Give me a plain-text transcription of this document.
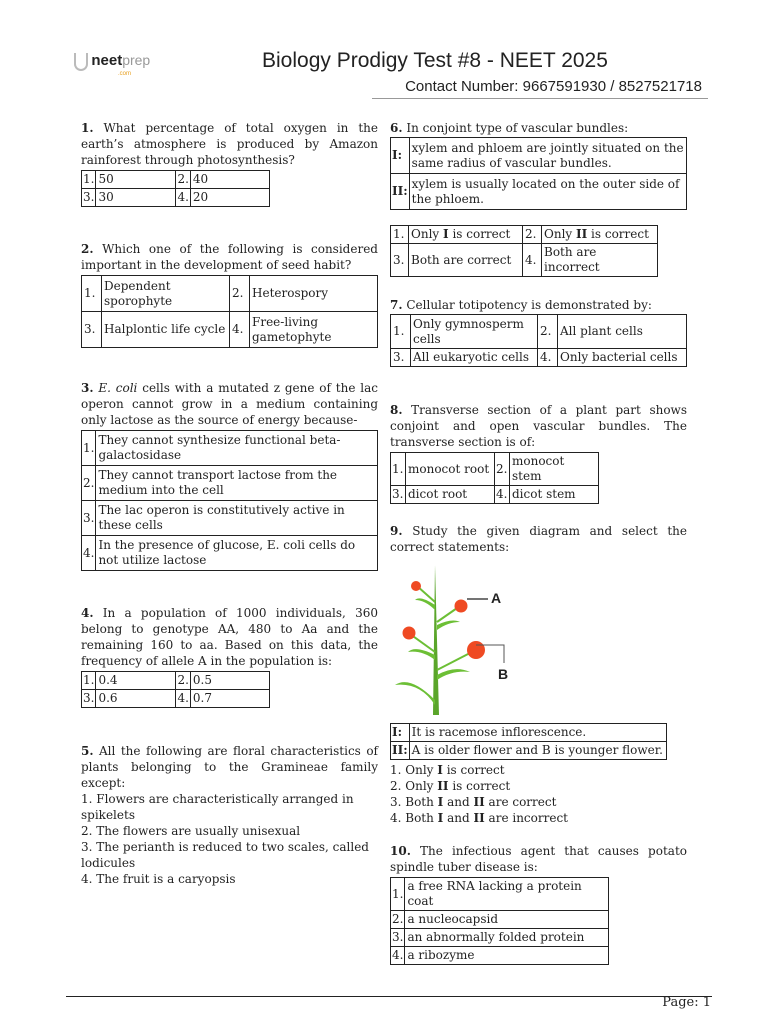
neetprep
.com
Biology Prodigy Test #8 - NEET 2025
Contact Number: 9667591930 / 8527521718
1. What percentage of total oxygen in the earth’s atmosphere is produced by Amazon rainforest through photosynthesis?
1.	50	2.	40
3.	30	4.	20
2. Which one of the following is considered important in the development of seed habit?
1.	Dependent sporophyte	2.	Heterospory
3.	Halplontic life cycle	4.	Free-living gametophyte
3. E. coli cells with a mutated z gene of the lac operon cannot grow in a medium containing only lactose as the source of energy because-
1.	They cannot synthesize functional beta-galactosidase
2.	They cannot transport lactose from the medium into the cell
3.	The lac operon is constitutively active in these cells
4.	In the presence of glucose, E. coli cells do not utilize lactose
4. In a population of 1000 individuals, 360 belong to genotype AA, 480 to Aa and the remaining 160 to aa. Based on this data, the frequency of allele A in the population is:
1.	0.4	2.	0.5
3.	0.6	4.	0.7
5. All the following are floral characteristics of plants belonging to the Gramineae family except:
1. Flowers are characteristically arranged in spikelets
2. The flowers are usually unisexual
3. The perianth is reduced to two scales, called lodicules
4. The fruit is a caryopsis
6. In conjoint type of vascular bundles:
I:	xylem and phloem are jointly situated on the same radius of vascular bundles.
II:	xylem is usually located on the outer side of the phloem.
1.	Only I is correct	2.	Only II is correct
3.	Both are correct	4.	Both are incorrect
7. Cellular totipotency is demonstrated by:
1.	Only gymnosperm cells	2.	All plant cells
3.	All eukaryotic cells	4.	Only bacterial cells
8. Transverse section of a plant part shows conjoint and open vascular bundles. The transverse section is of:
1.	monocot root	2.	monocot stem
3.	dicot root	4.	dicot stem
9. Study the given diagram and select the correct statements:
A
B
I:	It is racemose inflorescence.
II:	A is older flower and B is younger flower.
1. Only I is correct
2. Only II is correct
3. Both I and II are correct
4. Both I and II are incorrect
10. The infectious agent that causes potato spindle tuber disease is:
1.	a free RNA lacking a protein coat
2.	a nucleocapsid
3.	an abnormally folded protein
4.	a ribozyme
Page: 1
